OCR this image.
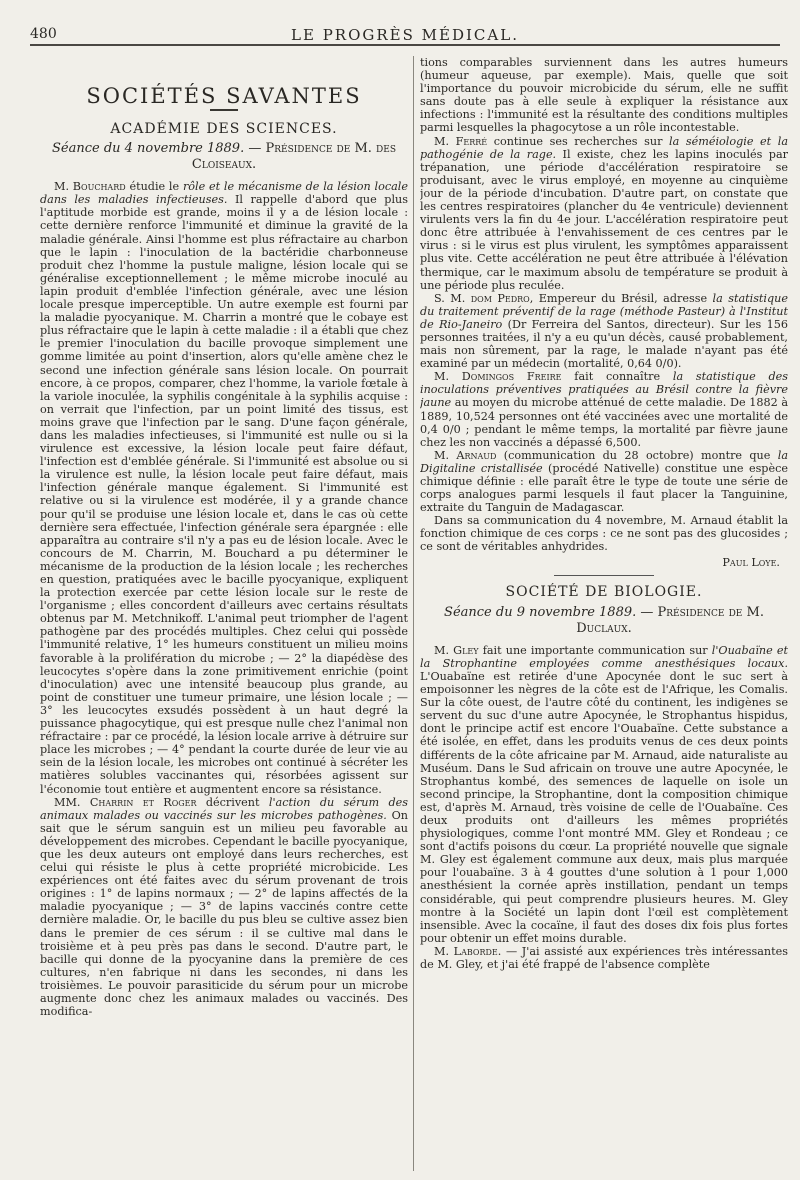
480	LE PROGRÈS MÉDICAL.
SOCIÉTÉS SAVANTES
ACADÉMIE DES SCIENCES.
Séance du 4 novembre 1889. — Présidence de M. des Cloiseaux.

M. Bouchard étudie le rôle et le mécanisme de la lésion locale dans les maladies infectieuses. Il rappelle d'abord que plus l'aptitude morbide est grande, moins il y a de lésion locale : cette dernière renforce l'immunité et diminue la gravité de la maladie générale. Ainsi l'homme est plus réfractaire au charbon que le lapin : l'inoculation de la bactéridie charbonneuse produit chez l'homme la pustule maligne, lésion locale qui se généralise exceptionnellement ; le même microbe inoculé au lapin produit d'emblée l'infection générale, avec une lésion locale presque imperceptible. Un autre exemple est fourni par la maladie pyocyanique. M. Charrin a montré que le cobaye est plus réfractaire que le lapin à cette maladie : il a établi que chez le premier l'inoculation du bacille provoque simplement une gomme limitée au point d'insertion, alors qu'elle amène chez le second une infection générale sans lésion locale. On pourrait encore, à ce propos, comparer, chez l'homme, la variole fœtale à la variole inoculée, la syphilis congénitale à la syphilis acquise : on verrait que l'infection, par un point limité des tissus, est moins grave que l'infection par le sang. D'une façon générale, dans les maladies infectieuses, si l'immunité est nulle ou si la virulence est excessive, la lésion locale peut faire défaut, l'infection est d'emblée générale. Si l'immunité est absolue ou si la virulence est nulle, la lésion locale peut faire défaut, mais l'infection générale manque également. Si l'immunité est relative ou si la virulence est modérée, il y a grande chance pour qu'il se produise une lésion locale et, dans le cas où cette dernière sera effectuée, l'infection générale sera épargnée : elle apparaîtra au contraire s'il n'y a pas eu de lésion locale. Avec le concours de M. Charrin, M. Bouchard a pu déterminer le mécanisme de la production de la lésion locale ; les recherches en question, pratiquées avec le bacille pyocyanique, expliquent la protection exercée par cette lésion locale sur le reste de l'organisme ; elles concordent d'ailleurs avec certains résultats obtenus par M. Metchnikoff. L'animal peut triompher de l'agent pathogène par des procédés multiples. Chez celui qui possède l'immunité relative, 1° les humeurs constituent un milieu moins favorable à la prolifération du microbe ; — 2° la diapédèse des leucocytes s'opère dans la zone primitivement enrichie (point d'inoculation) avec une intensité beaucoup plus grande, au point de constituer une tumeur primaire, une lésion locale ; — 3° les leucocytes exsudés possèdent à un haut degré la puissance phagocytique, qui est presque nulle chez l'animal non réfractaire : par ce procédé, la lésion locale arrive à détruire sur place les microbes ; — 4° pendant la courte durée de leur vie au sein de la lésion locale, les microbes ont continué à sécréter les matières solubles vaccinantes qui, résorbées agissent sur l'économie tout entière et augmentent encore sa résistance.

MM. Charrin et Roger décrivent l'action du sérum des animaux malades ou vaccinés sur les microbes pathogènes. On sait que le sérum sanguin est un milieu peu favorable au développement des microbes. Cependant le bacille pyocyanique, que les deux auteurs ont employé dans leurs recherches, est celui qui résiste le plus à cette propriété microbicide. Les expériences ont été faites avec du sérum provenant de trois origines : 1° de lapins normaux ; — 2° de lapins affectés de la maladie pyocyanique ; — 3° de lapins vaccinés contre cette dernière maladie. Or, le bacille du pus bleu se cultive assez bien dans le premier de ces sérum : il se cultive mal dans le troisième et à peu près pas dans le second. D'autre part, le bacille qui donne de la pyocyanine dans la première de ces cultures, n'en fabrique ni dans les secondes, ni dans les troisièmes. Le pouvoir parasiticide du sérum pour un microbe augmente donc chez les animaux malades ou vaccinés. Des modifica-

tions comparables surviennent dans les autres humeurs (humeur aqueuse, par exemple). Mais, quelle que soit l'importance du pouvoir microbicide du sérum, elle ne suffit sans doute pas à elle seule à expliquer la résistance aux infections : l'immunité est la résultante des conditions multiples parmi lesquelles la phagocytose a un rôle incontestable.

M. Ferré continue ses recherches sur la séméiologie et la pathogénie de la rage. Il existe, chez les lapins inoculés par trépanation, une période d'accélération respiratoire se produisant, avec le virus employé, en moyenne au cinquième jour de la période d'incubation. D'autre part, on constate que les centres respiratoires (plancher du 4e ventricule) deviennent virulents vers la fin du 4e jour. L'accélération respiratoire peut donc être attribuée à l'envahissement de ces centres par le virus : si le virus est plus virulent, les symptômes apparaissent plus vite. Cette accélération ne peut être attribuée à l'élévation thermique, car le maximum absolu de température se produit à une période plus reculée.

S. M. dom Pedro, Empereur du Brésil, adresse la statistique du traitement préventif de la rage (méthode Pasteur) à l'Institut de Rio-Janeiro (Dr Ferreira del Santos, directeur). Sur les 156 personnes traitées, il n'y a eu qu'un décès, causé probablement, mais non sûrement, par la rage, le malade n'ayant pas été examiné par un médecin (mortalité, 0,64 0/0).

M. Domingos Freire fait connaître la statistique des inoculations préventives pratiquées au Brésil contre la fièvre jaune au moyen du microbe atténué de cette maladie. De 1882 à 1889, 10,524 personnes ont été vaccinées avec une mortalité de 0,4 0/0 ; pendant le même temps, la mortalité par fièvre jaune chez les non vaccinés a dépassé 6,500.

M. Arnaud (communication du 28 octobre) montre que la Digitaline cristallisée (procédé Nativelle) constitue une espèce chimique définie : elle paraît être le type de toute une série de corps analogues parmi lesquels il faut placer la Tanguinine, extraite du Tanguin de Madagascar.

Dans sa communication du 4 novembre, M. Arnaud établit la fonction chimique de ces corps : ce ne sont pas des glucosides ; ce sont de véritables anhydrides.

Paul Loye.
SOCIÉTÉ DE BIOLOGIE.
Séance du 9 novembre 1889. — Présidence de M. Duclaux.

M. Gley fait une importante communication sur l'Ouabaïne et la Strophantine employées comme anesthésiques locaux. L'Ouabaïne est retirée d'une Apocynée dont le suc sert à empoisonner les nègres de la côte est de l'Afrique, les Comalis. Sur la côte ouest, de l'autre côté du continent, les indigènes se servent du suc d'une autre Apocynée, le Strophantus hispidus, dont le principe actif est encore l'Ouabaïne. Cette substance a été isolée, en effet, dans les produits venus de ces deux points différents de la côte africaine par M. Arnaud, aide naturaliste au Muséum. Dans le Sud africain on trouve une autre Apocynée, le Strophantus kombé, des semences de laquelle on isole un second principe, la Strophantine, dont la composition chimique est, d'après M. Arnaud, très voisine de celle de l'Ouabaïne. Ces deux produits ont d'ailleurs les mêmes propriétés physiologiques, comme l'ont montré MM. Gley et Rondeau ; ce sont d'actifs poisons du cœur. La propriété nouvelle que signale M. Gley est également commune aux deux, mais plus marquée pour l'ouabaïne. 3 à 4 gouttes d'une solution à 1 pour 1,000 anesthésient la cornée après instillation, pendant un temps considérable, qui peut comprendre plusieurs heures. M. Gley montre à la Société un lapin dont l'œil est complètement insensible. Avec la cocaïne, il faut des doses dix fois plus fortes pour obtenir un effet moins durable.

M. Laborde. — J'ai assisté aux expériences très intéressantes de M. Gley, et j'ai été frappé de l'absence complète
